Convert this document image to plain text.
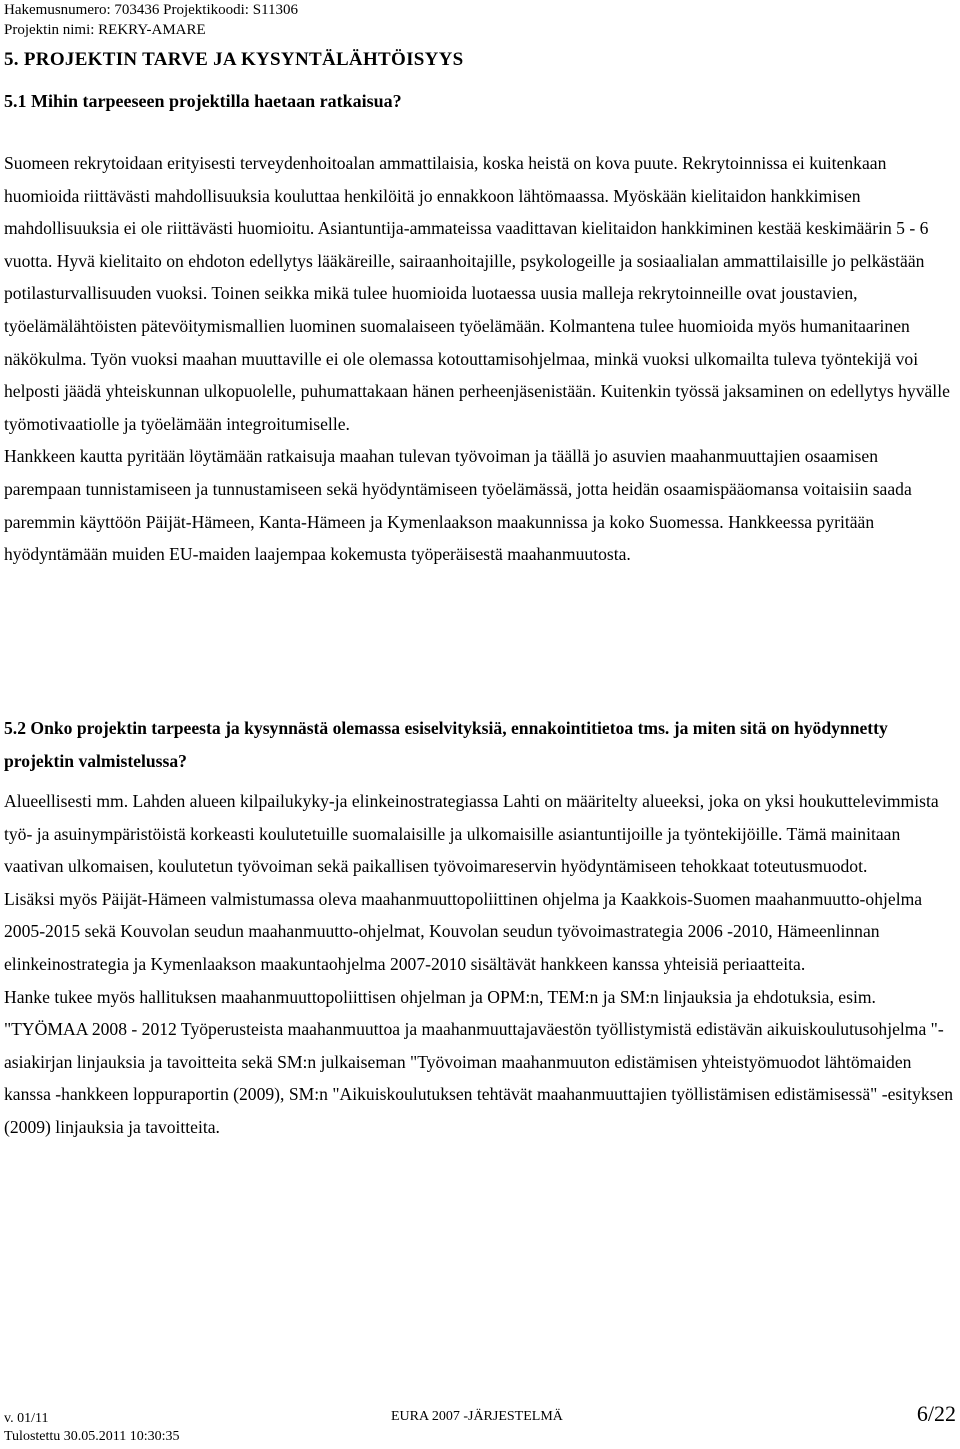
Hakemusnumero: 703436 Projektikoodi: S11306
Projektin nimi: REKRY-AMARE
5. PROJEKTIN TARVE JA KYSYNTÄLÄHTÖISYYS
5.1 Mihin tarpeeseen projektilla haetaan ratkaisua?

Suomeen rekrytoidaan erityisesti terveydenhoitoalan ammattilaisia, koska heistä on kova puute. Rekrytoinnissa ei kuitenkaan huomioida riittävästi mahdollisuuksia kouluttaa henkilöitä jo ennakkoon lähtömaassa. Myöskään kielitaidon hankkimisen mahdollisuuksia ei ole riittävästi huomioitu. Asiantuntija-ammateissa vaadittavan kielitaidon hankkiminen kestää keskimäärin 5 - 6 vuotta. Hyvä kielitaito on ehdoton edellytys lääkäreille, sairaanhoitajille, psykologeille ja sosiaalialan ammattilaisille jo pelkästään potilasturvallisuuden vuoksi. Toinen seikka mikä tulee huomioida luotaessa uusia malleja rekrytoinneille ovat joustavien, työelämälähtöisten pätevöitymismallien luominen suomalaiseen työelämään. Kolmantena tulee huomioida myös humanitaarinen näkökulma. Työn vuoksi maahan muuttaville ei ole olemassa kotouttamisohjelmaa, minkä vuoksi ulkomailta tuleva työntekijä voi helposti jäädä yhteiskunnan ulkopuolelle, puhumattakaan hänen perheenjäsenistään. Kuitenkin työssä jaksaminen on edellytys hyvälle työmotivaatiolle ja työelämään integroitumiselle.

Hankkeen kautta pyritään löytämään ratkaisuja maahan tulevan työvoiman ja täällä jo asuvien maahanmuuttajien osaamisen parempaan tunnistamiseen ja tunnustamiseen sekä hyödyntämiseen työelämässä, jotta heidän osaamispääomansa voitaisiin saada paremmin käyttöön Päijät-Hämeen, Kanta-Hämeen ja Kymenlaakson maakunnissa ja koko Suomessa. Hankkeessa pyritään hyödyntämään muiden EU-maiden laajempaa kokemusta työperäisestä maahanmuutosta.

5.2 Onko projektin tarpeesta ja kysynnästä olemassa esiselvityksiä, ennakointitietoa tms. ja miten sitä on hyödynnetty projektin valmistelussa?

Alueellisesti mm. Lahden alueen kilpailukyky-ja elinkeinostrategiassa Lahti on määritelty alueeksi, joka on yksi houkuttelevimmista työ- ja asuinympäristöistä korkeasti koulutetuille suomalaisille ja ulkomaisille asiantuntijoille ja työntekijöille. Tämä mainitaan vaativan ulkomaisen, koulutetun työvoiman sekä paikallisen työvoimareservin hyödyntämiseen tehokkaat toteutusmuodot.

Lisäksi myös Päijät-Hämeen valmistumassa oleva maahanmuuttopoliittinen ohjelma ja Kaakkois-Suomen maahanmuutto-ohjelma 2005-2015 sekä Kouvolan seudun maahanmuutto-ohjelmat, Kouvolan seudun työvoimastrategia 2006 -2010, Hämeenlinnan elinkeinostrategia ja Kymenlaakson maakuntaohjelma 2007-2010 sisältävät hankkeen kanssa yhteisiä periaatteita.

Hanke tukee myös hallituksen maahanmuuttopoliittisen ohjelman ja OPM:n, TEM:n ja SM:n linjauksia ja ehdotuksia, esim. "TYÖMAA 2008 - 2012 Työperusteista maahanmuuttoa ja maahanmuuttajaväestön työllistymistä edistävän aikuiskoulutusohjelma "- asiakirjan linjauksia ja tavoitteita sekä SM:n julkaiseman "Työvoiman maahanmuuton edistämisen yhteistyömuodot lähtömaiden kanssa -hankkeen loppuraportin (2009), SM:n "Aikuiskoulutuksen tehtävät maahanmuuttajien työllistämisen edistämisessä" -esityksen (2009) linjauksia ja tavoitteita.

v. 01/11
Tulostettu 30.05.2011 10:30:35
EURA 2007 -JÄRJESTELMÄ	6/22
